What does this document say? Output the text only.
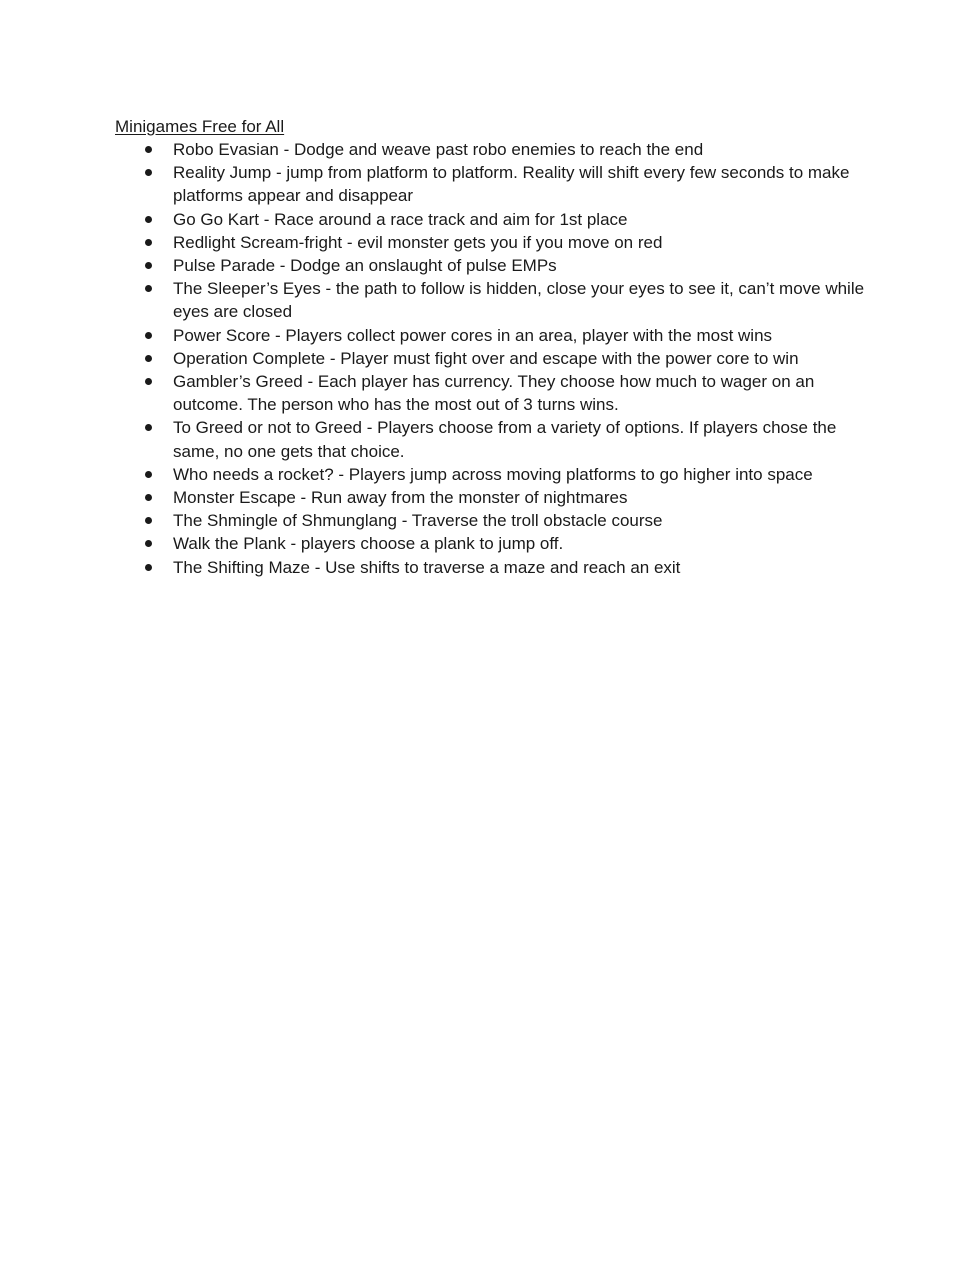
Minigames Free for All

Robo Evasian - Dodge and weave past robo enemies to reach the end
Reality Jump - jump from platform to platform. Reality will shift every few seconds to make platforms appear and disappear
Go Go Kart - Race around a race track and aim for 1st place
Redlight Scream-fright - evil monster gets you if you move on red
Pulse Parade - Dodge an onslaught of pulse EMPs
The Sleeper’s Eyes - the path to follow is hidden, close your eyes to see it, can’t move while eyes are closed
Power Score - Players collect power cores in an area, player with the most wins
Operation Complete - Player must fight over and escape with the power core to win
Gambler’s Greed - Each player has currency. They choose how much to wager on an outcome. The person who has the most out of 3 turns wins.
To Greed or not to Greed - Players choose from a variety of options. If players chose the same, no one gets that choice.
Who needs a rocket? - Players jump across moving platforms to go higher into space
Monster Escape - Run away from the monster of nightmares
The Shmingle of Shmunglang - Traverse the troll obstacle course
Walk the Plank - players choose a plank to jump off.
The Shifting Maze - Use shifts to traverse a maze and reach an exit
